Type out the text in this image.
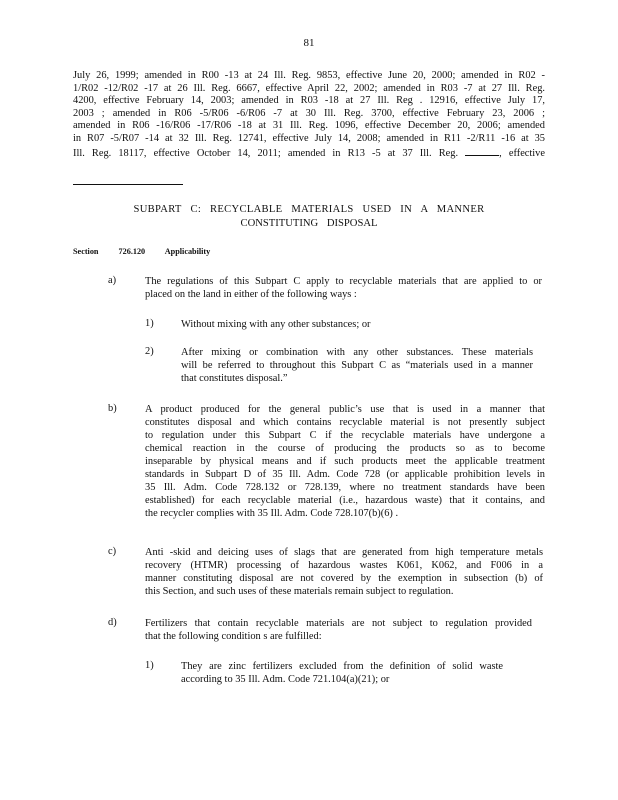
81
July 26, 1999; amended in R00 -13 at 24 Ill. Reg. 9853, effective June 20, 2000; amended in R02 -
1/R02 -12/R02 -17 at 26 Ill. Reg. 6667, effective April 22, 2002; amended in R03 -7 at 27 Ill. Reg.
4200, effective February 14, 2003; amended in R03 -18 at 27 Ill. Reg . 12916, effective July 17,
2003 ; amended in R06 -5/R06 -6/R06 -7 at 30 Ill. Reg. 3700, effective February 23, 2006 ;
amended in R06 -16/R06 -17/R06 -18 at 31 Ill. Reg. 1096, effective December 20, 2006; amended
in R07 -5/R07 -14 at 32 Ill. Reg. 12741, effective July 14, 2008; amended in R11 -2/R11 -16 at 35
Ill. Reg. 18117, effective October 14, 2011; amended in R13 -5 at 37 Ill. Reg.	, effective
SUBPART C: RECYCLABLE MATERIALS USED IN A MANNER
CONSTITUTING DISPOSAL
Section 726.120 Applicability
a)	The regulations of this Subpart C apply to recyclable materials that are applied to or
placed on the land in either of the following ways :
1)	Without mixing with any other substances; or
2)	After mixing or combination with any other substances. These materials
will be referred to throughout this Subpart C as “materials used in a manner
that constitutes disposal.”
b)	A product produced for the general public’s use that is used in a manner that
constitutes disposal and which contains recyclable material is not presently subject
to regulation under this Subpart C if the recyclable materials have undergone a
chemical reaction in the course of producing the products so as to become
inseparable by physical means and if such products meet the applicable treatment
standards in Subpart D of 35 Ill. Adm. Code 728 (or applicable prohibition levels in
35 Ill. Adm. Code 728.132 or 728.139, where no treatment standards have been
established) for each recyclable material (i.e., hazardous waste) that it contains, and
the recycler complies with 35 Ill. Adm. Code 728.107(b)(6) .
c)	Anti -skid and deicing uses of slags that are generated from high temperature metals
recovery (HTMR) processing of hazardous wastes K061, K062, and F006 in a
manner constituting disposal are not covered by the exemption in subsection (b) of
this Section, and such uses of these materials remain subject to regulation.
d)	Fertilizers that contain recyclable materials are not subject to regulation provided
that the following condition s are fulfilled:
1)	They are zinc fertilizers excluded from the definition of solid waste
according to 35 Ill. Adm. Code 721.104(a)(21); or
